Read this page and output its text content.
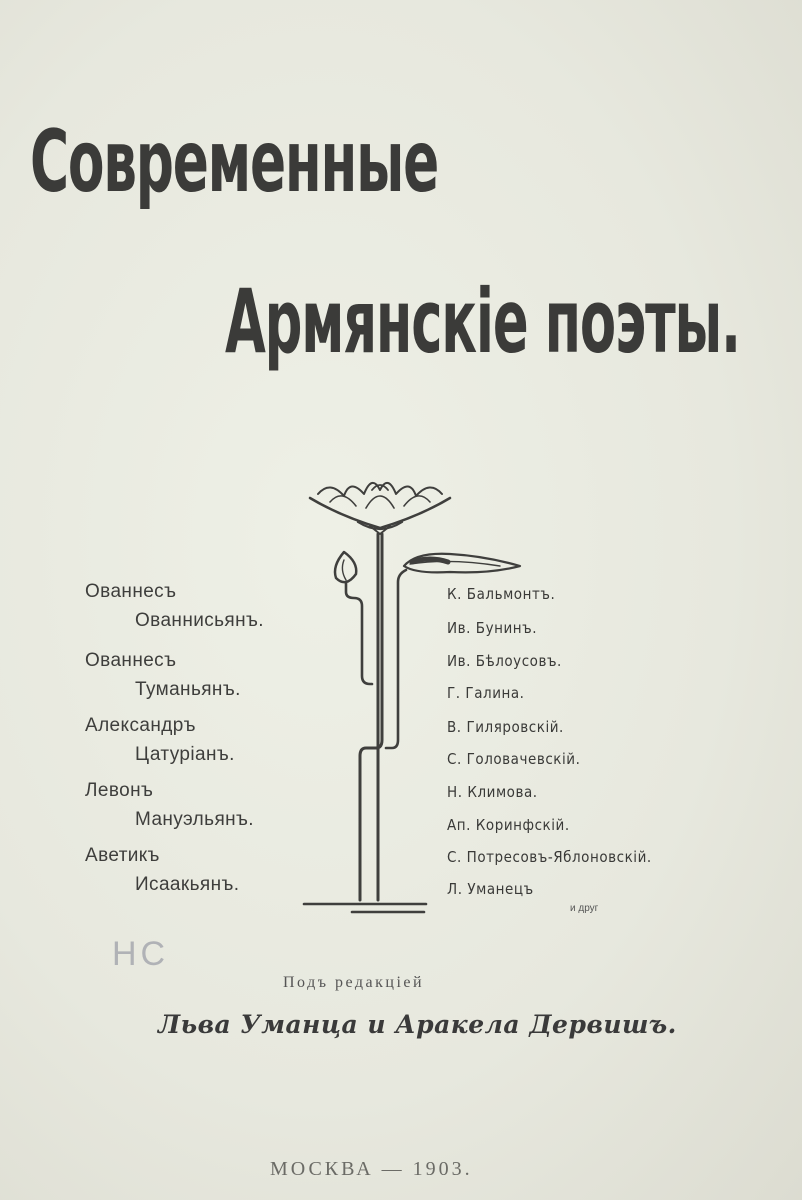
Современные
Армянскіе поэты.
Ованнесъ
Ованнисьянъ.
Ованнесъ
Туманьянъ.
Александръ
Цатуріанъ.
Левонъ
Мануэльянъ.
Аветикъ
Исаакьянъ.
К. Бальмонтъ.
Ив. Бунинъ.
Ив. Бѣлоусовъ.
Г. Галина.
В. Гиляровскій.
С. Головачевскій.
Н. Климова.
Ап. Коринфскій.
С. Потресовъ-Яблоновскій.
Л. Уманецъ
и друг
НС
Подъ редакціей
Льва Уманца и Аракела Дервишъ.
МОСКВА — 1903.
